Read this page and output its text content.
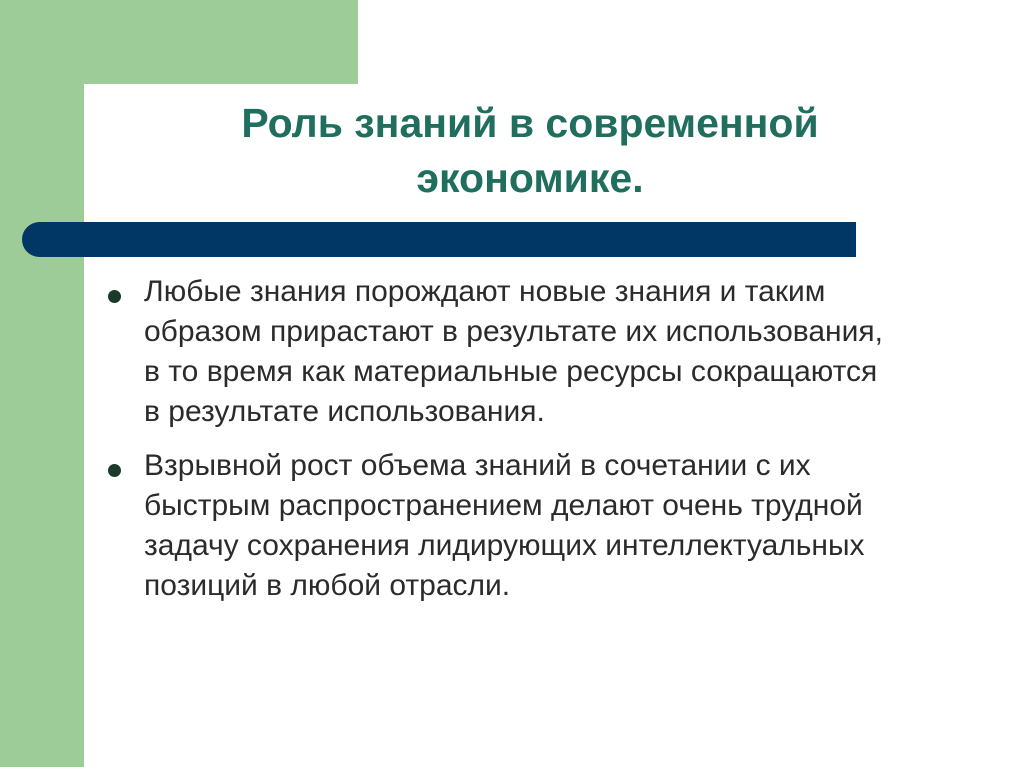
Роль знаний в современной
экономике.
Любые знания порождают новые знания и таким образом прирастают в результате их использования, в то время как материальные ресурсы сокращаются в результате использования.
Взрывной рост объема знаний в сочетании с их быстрым распространением делают очень трудной задачу сохранения лидирующих интеллектуальных позиций в любой отрасли.
